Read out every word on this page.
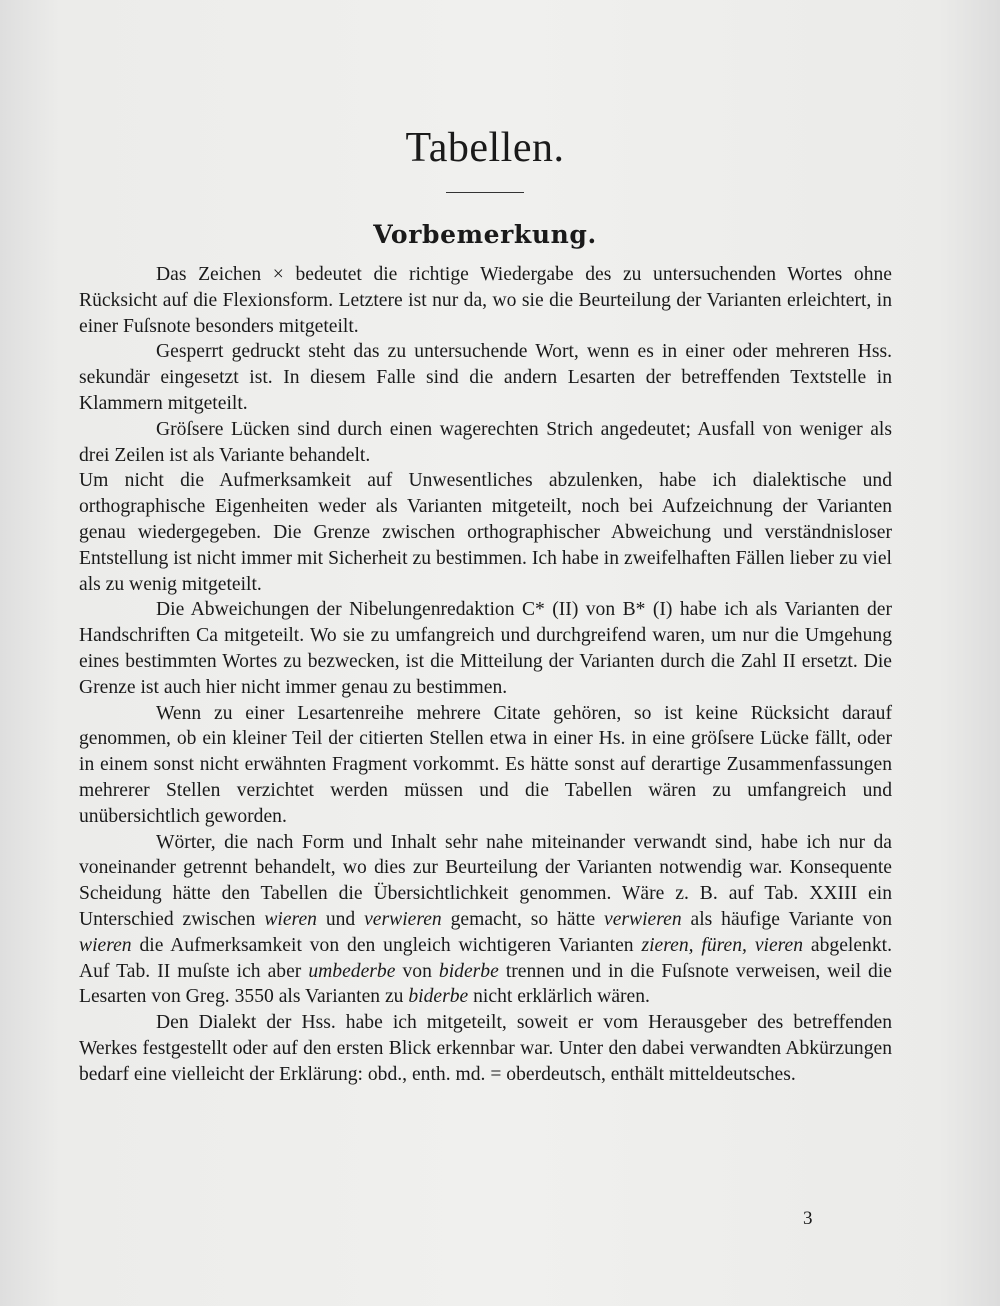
Tabellen.
Vorbemerkung.

Das Zeichen × bedeutet die richtige Wiedergabe des zu untersuchenden Wortes ohne Rücksicht auf die Flexionsform. Letztere ist nur da, wo sie die Beurteilung der Varianten erleichtert, in einer Fuſsnote besonders mitgeteilt.

Gesperrt gedruckt steht das zu untersuchende Wort, wenn es in einer oder mehreren Hss. sekundär eingesetzt ist. In diesem Falle sind die andern Lesarten der betreffenden Textstelle in Klammern mitgeteilt.

Gröſsere Lücken sind durch einen wagerechten Strich angedeutet; Ausfall von weniger als drei Zeilen ist als Variante behandelt.

Um nicht die Aufmerksamkeit auf Unwesentliches abzulenken, habe ich dialektische und orthographische Eigenheiten weder als Varianten mitgeteilt, noch bei Aufzeichnung der Varianten genau wiedergegeben. Die Grenze zwischen orthographischer Abweichung und verständnisloser Entstellung ist nicht immer mit Sicherheit zu bestimmen. Ich habe in zweifelhaften Fällen lieber zu viel als zu wenig mitgeteilt.

Die Abweichungen der Nibelungenredaktion C* (II) von B* (I) habe ich als Varianten der Handschriften Ca mitgeteilt. Wo sie zu umfangreich und durchgreifend waren, um nur die Umgehung eines bestimmten Wortes zu bezwecken, ist die Mitteilung der Varianten durch die Zahl II ersetzt. Die Grenze ist auch hier nicht immer genau zu bestimmen.

Wenn zu einer Lesartenreihe mehrere Citate gehören, so ist keine Rücksicht darauf genommen, ob ein kleiner Teil der citierten Stellen etwa in einer Hs. in eine gröſsere Lücke fällt, oder in einem sonst nicht erwähnten Fragment vorkommt. Es hätte sonst auf derartige Zusammenfassungen mehrerer Stellen verzichtet werden müssen und die Tabellen wären zu umfangreich und unübersichtlich geworden.

Wörter, die nach Form und Inhalt sehr nahe miteinander verwandt sind, habe ich nur da voneinander getrennt behandelt, wo dies zur Beurteilung der Varianten notwendig war. Konsequente Scheidung hätte den Tabellen die Übersichtlichkeit genommen. Wäre z. B. auf Tab. XXIII ein Unterschied zwischen wieren und verwieren gemacht, so hätte verwieren als häufige Variante von wieren die Aufmerksamkeit von den ungleich wichtigeren Varianten zieren, füren, vieren abgelenkt. Auf Tab. II muſste ich aber umbederbe von biderbe trennen und in die Fuſsnote verweisen, weil die Lesarten von Greg. 3550 als Varianten zu biderbe nicht erklärlich wären.

Den Dialekt der Hss. habe ich mitgeteilt, soweit er vom Herausgeber des betreffenden Werkes festgestellt oder auf den ersten Blick erkennbar war. Unter den dabei verwandten Abkürzungen bedarf eine vielleicht der Erklärung: obd., enth. md. = oberdeutsch, enthält mitteldeutsches.

3
